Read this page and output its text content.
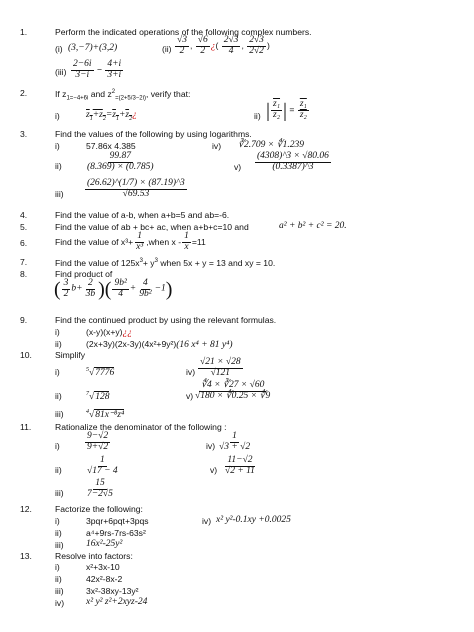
1.	Perform the indicated operations of the following complex numbers.
(i) (3,−7)+(3,2)	$(ii) \frac{√3}{2}$ , $\frac{√6}{2}$ ¿( $\frac{2√3}{4}$ , $\frac{2√3}{2√2}$ )
$(iii) \frac{2-6i}{3-i} - \frac{4+i}{3+i}$
2.	If $z_{1=-4+6i}$ and $z^2_{=(2+5/3-2i)}$, verify that:
i)	$z_1+z_2=z_1+z_2¿$	ii) | $\frac{\text{z₁}}{\text{z₂}}$ | = $\frac{\text{z₁}}{\text{z₂}}$
3.	Find the values of the following by using logarithms.
i)	57.86x 4.385	iv) ∛2.709 × ∜1.239
$ii) \frac{99.87}{(8.369) \times (0.785)}$	$v) \frac{(4308)\^{}3 \times √80.06}{(0.3387)\^{}3}$
$iii) \frac{(26.62)\^{}(1/7) \times (87.19)\^{}3}{√69.53}$
4.	Find the value of a-b, when a+b=5 and ab=-6.
5.	Find the value of ab + bc+ ac, when a+b+c=10 and	a² + b² + c² = 20.
6.	Find the value of $x^3+ \frac{1}{\text{x³}}$ ,when $x - \frac{1}{x} =11$
7.	Find the value of $125x^3+ y^3$ when 5x + y = 13 and xy = 10.
8.	Find product of
( $\frac{3}{2} b+ \frac{2}{3b}$ )( $\frac{\text{9b²}}{4} + \frac{4}{\text{9b²}} -1$)
9.	Find the continued product by using the relevant formulas.
i)	(x-y)(x+y)¿¿
ii)	(2x+3y)(2x-3y)(4x²+9y²)(16 x⁴ + 81 y⁴)
10.	Simplify
i)	$^5$√7776	$iv) \frac{√21 \times √28}{√121}$
ii)	$^7$√128	$v) \frac{∜4 \times ∛27 \times √60}{√180 \times ∜0.25 \times ∜9}$
iii)	$^4$√81x⁻⁸z⁴
11.	Rationalize the denominator of the following :
i)	$\frac{9-√2}{9+√2}$	$iv) \frac{1}{√3 + √2}$
$ii) \frac{1}{√17 - 4}$	$v) \frac{11-√2}{√2 + 11}$
$iii) \frac{15}{7-2√5}$
12.	Factorize the following:
i)	3pqr+6pqt+3pqs	iv) x² y²-0.1xy +0.0025
ii)	a⁴+9rs-7rs-63s²
iii) 16x²-25y²
13.	Resolve into factors:
i)	x²+3x-10
ii)	42x²-8x-2
iii)	3x²-38xy-13y²
iv) x² y² z²+2xyz-24
